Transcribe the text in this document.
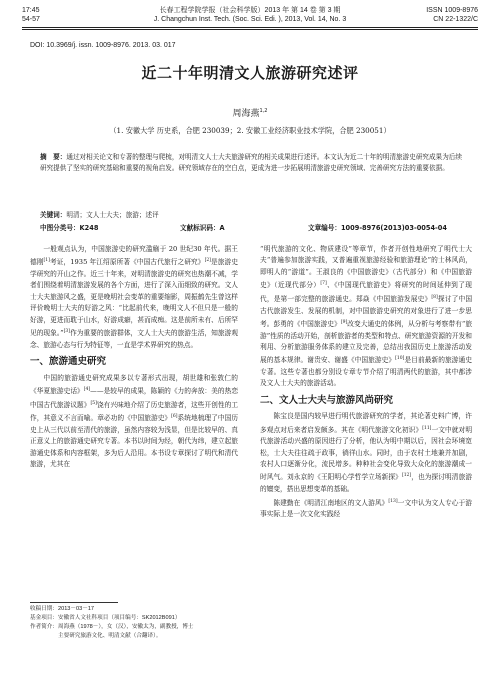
17:45
54-57
长春工程学院学报（社会科学版）2013 年 第 14 卷 第 3 期
J. Changchun Inst. Tech. (Soc. Sci. Edi. ), 2013, Vol. 14, No. 3
ISSN 1009-8976
CN 22-1322/C
DOI: 10.3969/j. issn. 1009-8976. 2013. 03. 017
近二十年明清文人旅游研究述评
周海燕$^{1,2}$
（1. 安徽大学 历史系，合肥 230039；2. 安徽工业经济职业技术学院，合肥 230051）
摘　要：通过对相关论文和专著的整理与爬梳，对明清文人士大夫旅游研究的相关成果进行述评。本文认为近二十年的明清旅游史研究成果为后续研究提供了坚实的研究基础和重要的视角启发。研究领域存在的空白点，更成为进一步拓展明清旅游史研究领域、完善研究方法的重要依据。
关键词：明清；文人士大夫；旅游；述评
中图分类号：K248	文献标识码：A	文章编号：1009-8976(2013)03-0054-04

一般观点认为，中国旅游史的研究滥觞于 20 世纪30 年代。据王德刚[1]考证，1935 年江绍原所著《中国古代旅行之研究》[2]是旅游史学研究的开山之作。近三十年来，对明清旅游史的研究也热潮不减，学者们围绕着明清旅游发展的各个方面，进行了深入而细致的研究。文人士大夫旅游风之盛，更是晚明社会变革的重要缩影，周振鹤先生曾这样评价晚明士大夫的好游之风：“比起前代来，晚明文人不但只是一般的好游，更进而耽于山水，好游成癖，甚而成痴。这是前所未有、后所罕见的现象。”[3]作为重要的旅游群体，文人士大夫的旅游生活，知旅游观念、旅游心态与行为特征等，一直是学术界研究的热点。

一、旅游通史研究

中国的旅游通史研究成果多以专著形式出现，胡世雄和张敦仁的《华夏旅游史话》[4]——是较早的成果，陈颖的《力的奔放：美的热恋中国古代旅游议题》[5]饶有兴味地介绍了历史旅游者，这些开创性的工作，其意义不言而喻。章必功的《中国旅游史》[6]系统地梳理了中国历史上从三代以前至清代的旅游，虽然内容较为浅显，但是比较早的、真正意义上的旅游通史研究专著。本书以时间为经，朝代为纬，建立起旅游通史体系和内容框架，多为后人沿用。本书设专章探讨了明代和清代旅游，尤其在

“明代旅游的文化、物质建设”等章节，作者开创性地研究了明代士大夫“普遍参加旅游实践，又普遍重视旅游经验和旅游理论”的士林风尚，即明人的“游道”。王淑良的《中国旅游史》（古代部分）和《中国旅游史》（近现代部分）[7]、《中国现代旅游史》将研究的时间延伸到了现代，是第一部完整的旅游通史。郑焱《中国旅游发展史》[8]探讨了中国古代旅游发生、发展的机制，对中国旅游史研究的对象进行了进一步思考。彭勇的《中国旅游史》[9]改变大通史的体例，从分析与考察带有“旅游”性质的活动开始，剖析旅游者的类型和特点、研究旅游资源的开发和利用、分析旅游服务体系的建立及完善，总结出我国历史上旅游活动发展的基本规律。谢贵安、谢盛《中国旅游史》[10]是目前最新的旅游通史专著。这些专著也都分别设专章专节介绍了明清两代的旅游，其中都涉及文人士大夫的旅游活动。

二、文人士大夫与旅游风尚研究

陈宝良是国内较早进行明代旅游研究的学者，其论著史料广博，许多观点对后来者启发颇多。其在《明代旅游文化初识》[11]一文中就对明代旅游活动兴盛的原因进行了分析，他认为明中期以后，因社会环境宽松，士大夫往往疏于政事，徜徉山水。同时，由于农村土地兼并加剧，农村人口逐渐分化，流民增多。种种社会变化导致大众化的旅游潮成一时风气。刘永京的《王阳明心学哲学立场新探》[12]，也为探讨明清旅游的嬗变，搭出思想变革的基础。

陈建勤在《明清江南地区的文人游风》[13]一文中认为文人专心于游事实际上是一次文化实践经

收稿日期：2013－03－17
基金项目：安徽省人文社科项目（项目编号：SK2012B091）
作者简介：周海燕（1978－），女（汉），安徽太为，副教授，博士
主要研究旅游文化、明清文献（合翻译）。
